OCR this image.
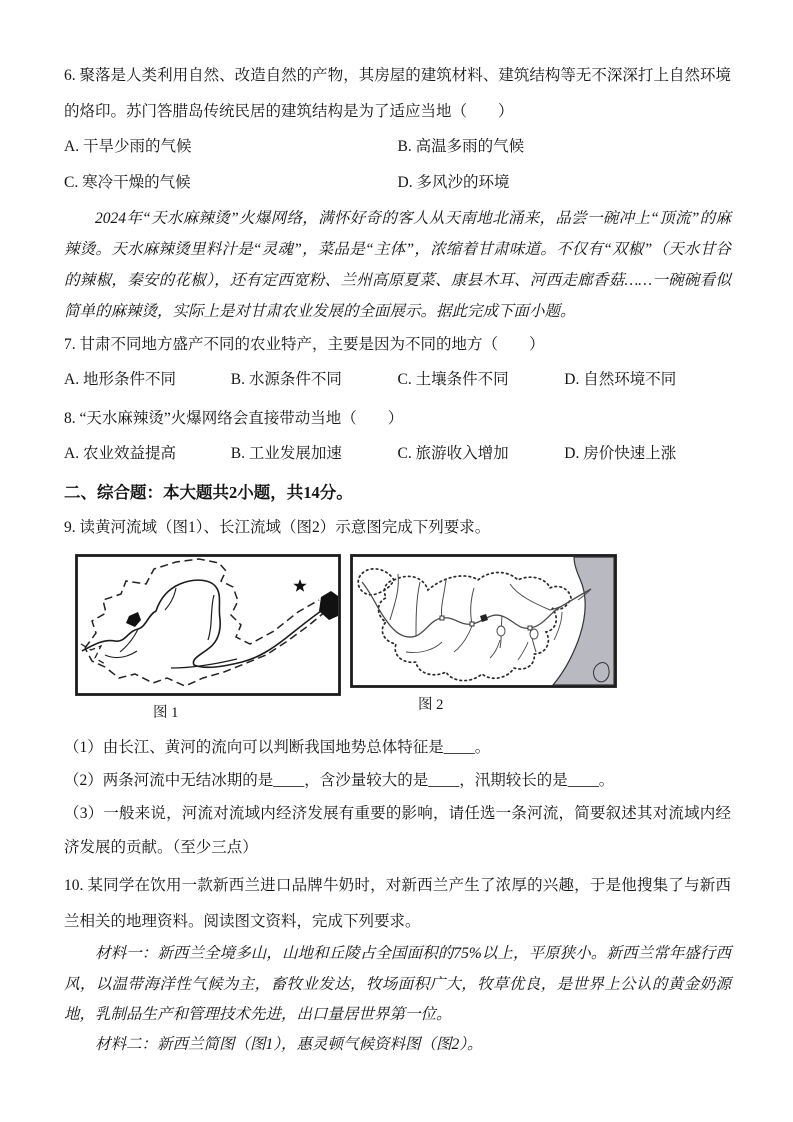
6. 聚落是人类利用自然、改造自然的产物，其房屋的建筑材料、建筑结构等无不深深打上自然环境的烙印。苏门答腊岛传统民居的建筑结构是为了适应当地（　　）

A. 干旱少雨的气候	B. 高温多雨的气候
C. 寒冷干燥的气候	D. 多风沙的环境

2024年“天水麻辣烫”火爆网络，满怀好奇的客人从天南地北涌来，品尝一碗冲上“顶流”的麻辣烫。天水麻辣烫里料汁是“灵魂”，菜品是“主体”，浓缩着甘肃味道。不仅有“双椒”（天水甘谷的辣椒，秦安的花椒），还有定西宽粉、兰州高原夏菜、康县木耳、河西走廊香菇……一碗碗看似简单的麻辣烫，实际上是对甘肃农业发展的全面展示。据此完成下面小题。

7. 甘肃不同地方盛产不同的农业特产，主要是因为不同的地方（　　）

A. 地形条件不同	B. 水源条件不同	C. 土壤条件不同	D. 自然环境不同

8. “天水麻辣烫”火爆网络会直接带动当地（　　）

A. 农业效益提高	B. 工业发展加速	C. 旅游收入增加	D. 房价快速上涨

二、综合题：本大题共2小题，共14分。

9. 读黄河流域（图1）、长江流域（图2）示意图完成下列要求。

图 1	图 2

（1）由长江、黄河的流向可以判断我国地势总体特征是____。

（2）两条河流中无结冰期的是____，含沙量较大的是____，汛期较长的是____。

（3）一般来说，河流对流域内经济发展有重要的影响，请任选一条河流，简要叙述其对流域内经济发展的贡献。（至少三点）

10. 某同学在饮用一款新西兰进口品牌牛奶时，对新西兰产生了浓厚的兴趣，于是他搜集了与新西兰相关的地理资料。阅读图文资料，完成下列要求。

材料一：新西兰全境多山，山地和丘陵占全国面积的75%以上，平原狭小。新西兰常年盛行西风，以温带海洋性气候为主，畜牧业发达，牧场面积广大，牧草优良，是世界上公认的黄金奶源地，乳制品生产和管理技术先进，出口量居世界第一位。

材料二：新西兰简图（图1），惠灵顿气候资料图（图2）。
